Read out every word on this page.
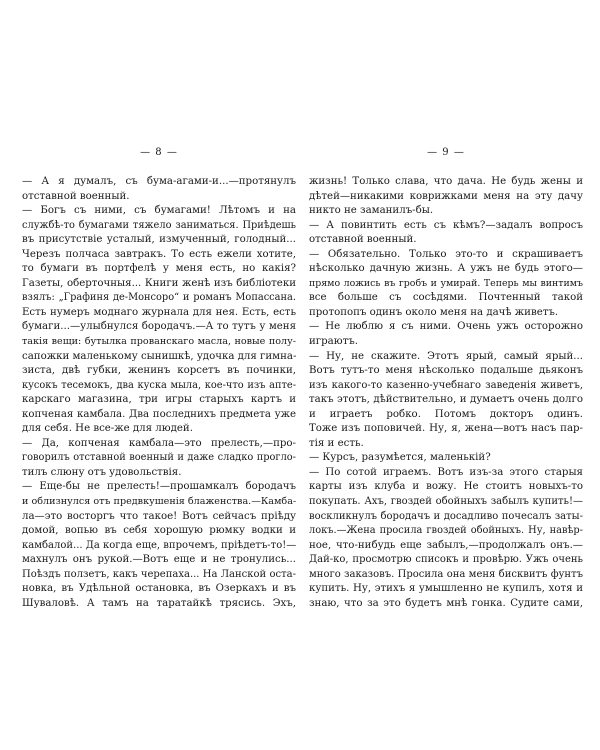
— 8 —
— А я думалъ, съ бума-агами-и...—протянулъ
отставной военный.
— Богъ съ ними, съ бумагами! Лѣтомъ и на
службѣ-то бумагами тяжело заниматься. Приѣдешь
въ присутствіе усталый, измученный, голодный...
Черезъ полчаса завтракъ. То есть ежели хотите,
то бумаги въ портфелѣ у меня есть, но какія?
Газеты, оберточныя... Книги женѣ изъ библіотеки
взялъ: „Графиня де-Монсоро“ и романъ Мопассана.
Есть нумеръ моднаго журнала для нея. Есть, есть
бумаги...—улыбнулся бородачъ.—А то тутъ у меня
такія вещи: бутылка прованскаго масла, новые полу-
сапожки маленькому сынишкѣ, удочка для гимна-
зиста, двѣ губки, женинъ корсетъ въ починки,
кусокъ тесемокъ, два куска мыла, кое-что изъ апте-
карскаго магазина, три игры старыхъ картъ и
копченая камбала. Два последнихъ предмета уже
для себя. Не все-же для людей.
— Да, копченая камбала—это прелесть,—про-
говорилъ отставной военный и даже сладко прогло-
тилъ слюну отъ удовольствія.
— Еще-бы не прелесть!—прошамкалъ бородачъ
и облизнулся отъ предвкушенія блаженства.—Камба-
ла—это восторгъ что такое! Вотъ сейчасъ пріѣду
домой, вопью въ себя хорошую рюмку водки и
камбалой... Да когда еще, впрочемъ, пріѣдетъ-то!—
махнулъ онъ рукой.—Вотъ еще и не тронулись...
Поѣздъ ползетъ, какъ черепаха... На Ланской оста-
новка, въ Удѣльной остановка, въ Озеркахъ и въ
Шуваловѣ. А тамъ на таратайкѣ трясись. Эхъ,
— 9 —
жизнь! Только слава, что дача. Не будь жены и
дѣтей—никакими коврижками меня на эту дачу
никто не заманилъ-бы.
— А повинтить есть съ кѣмъ?—задалъ вопросъ
отставной военный.
— Обязательно. Только это-то и скрашиваетъ
нѣсколько дачную жизнь. А ужъ не будь этого—
прямо ложись въ гробъ и умирай. Теперь мы винтимъ
все больше съ сосѣдями. Почтенный такой
протопопъ одинъ около меня на дачѣ живетъ.
— Не люблю я съ ними. Очень ужъ осторожно
играютъ.
— Ну, не скажите. Этотъ ярый, самый ярый...
Вотъ тутъ-то меня нѣсколько подальше дьяконъ
изъ какого-то казенно-учебнаго заведенія живетъ,
такъ этотъ, дѣйствительно, и думаетъ очень долго
и играетъ робко. Потомъ докторъ одинъ.
Тоже изъ поповичей. Ну, я, жена—вотъ насъ пар-
тія и есть.
— Курсъ, разумѣется, маленькій?
— По сотой играемъ. Вотъ изъ-за этого старыя
карты изъ клуба и вожу. Не стоитъ новыхъ-то
покупать. Ахъ, гвоздей обойныхъ забылъ купить!—
воскликнулъ бородачъ и досадливо почесалъ заты-
локъ.—Жена просила гвоздей обойныхъ. Ну, навѣр-
ное, что-нибудь еще забылъ,—продолжалъ онъ.—
Дай-ко, просмотрю списокъ и провѣрю. Ужъ очень
много заказовъ. Просила она меня бисквитъ фунтъ
купить. Ну, этихъ я умышленно не купилъ, хотя и
знаю, что за это будетъ мнѣ гонка. Судите сами,
